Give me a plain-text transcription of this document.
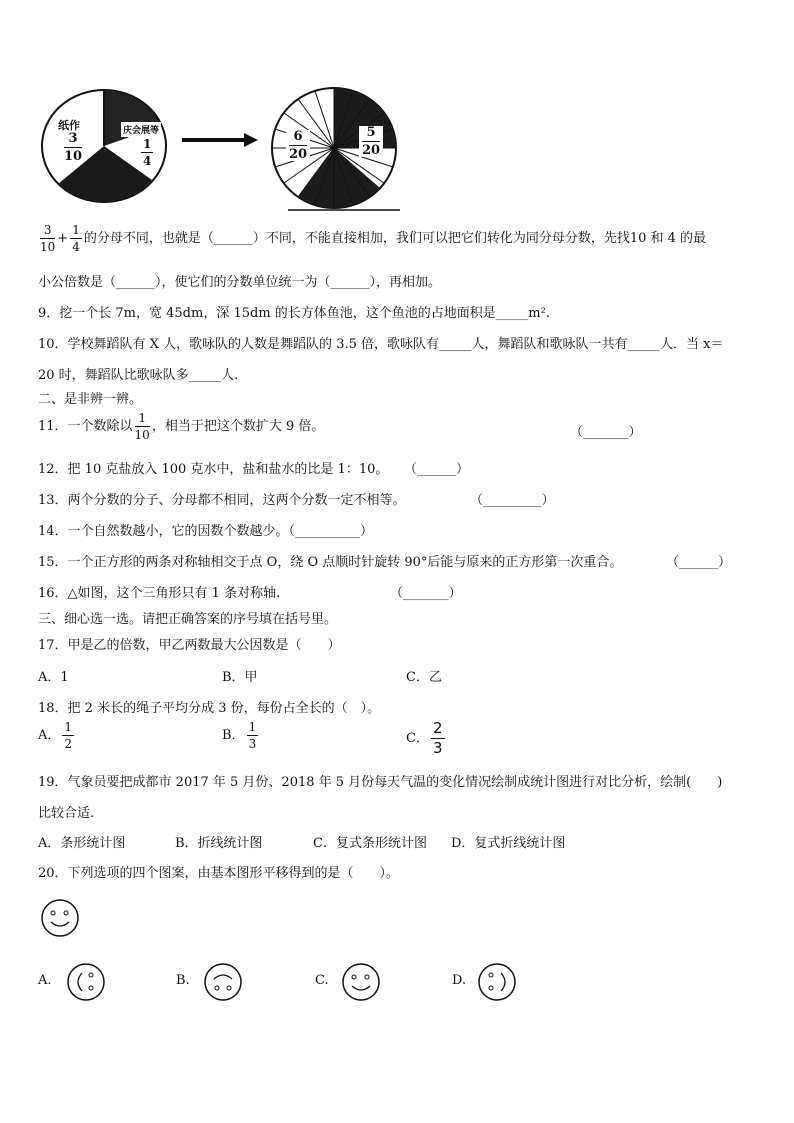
纸作
$\frac{3}{10}$
庆会展等
$\frac{1}{4}$	$\frac{6}{20}$	$\frac{5}{20}$
$\frac{3}{10} + \frac{1}{4}$ 的分母不同，也就是（______）不同，不能直接相加，我们可以把它们转化为同分母分数，先找10 和 4 的最
小公倍数是（______），使它们的分数单位统一为（______），再相加。
9．挖一个长 7m，宽 45dm，深 15dm 的长方体鱼池，这个鱼池的占地面积是_____m².
10．学校舞蹈队有 X 人，歌咏队的人数是舞蹈队的 3.5 倍，歌咏队有_____人，舞蹈队和歌咏队一共有_____人．当 x＝
20 时，舞蹈队比歌咏队多_____人.
二、是非辨一辨。
11．一个数除以 $\frac{1}{10}$ ，相当于把这个数扩大 9 倍。	（_______）
12．把 10 克盐放入 100 克水中，盐和盐水的比是 1：10。 （______）
13．两个分数的分子、分母都不相同，这两个分数一定不相等。	（_________）
14．一个自然数越小，它的因数个数越少。（__________）
15．一个正方形的两条对称轴相交于点 O，绕 O 点顺时针旋转 90°后能与原来的正方形第一次重合。	（______）
16．△如图，这个三角形只有 1 条对称轴.	（_______）
三、细心选一选。请把正确答案的序号填在括号里。
17．甲是乙的倍数，甲乙两数最大公因数是（　　）
A．1	B．甲	C．乙
18．把 2 米长的绳子平均分成 3 份，每份占全长的（　）。
A． $\frac{1}{2}$	B． $\frac{1}{3}$	C． $\frac{2}{3}$
19．气象员要把成都市 2017 年 5 月份、2018 年 5 月份每天气温的变化情况绘制成统计图进行对比分析，绘制(　　)
比较合适.
A．条形统计图	B．折线统计图	C．复式条形统计图 D．复式折线统计图
20．下列选项的四个图案，由基本图形平移得到的是（　　）。
A.	B.	C.	D.
